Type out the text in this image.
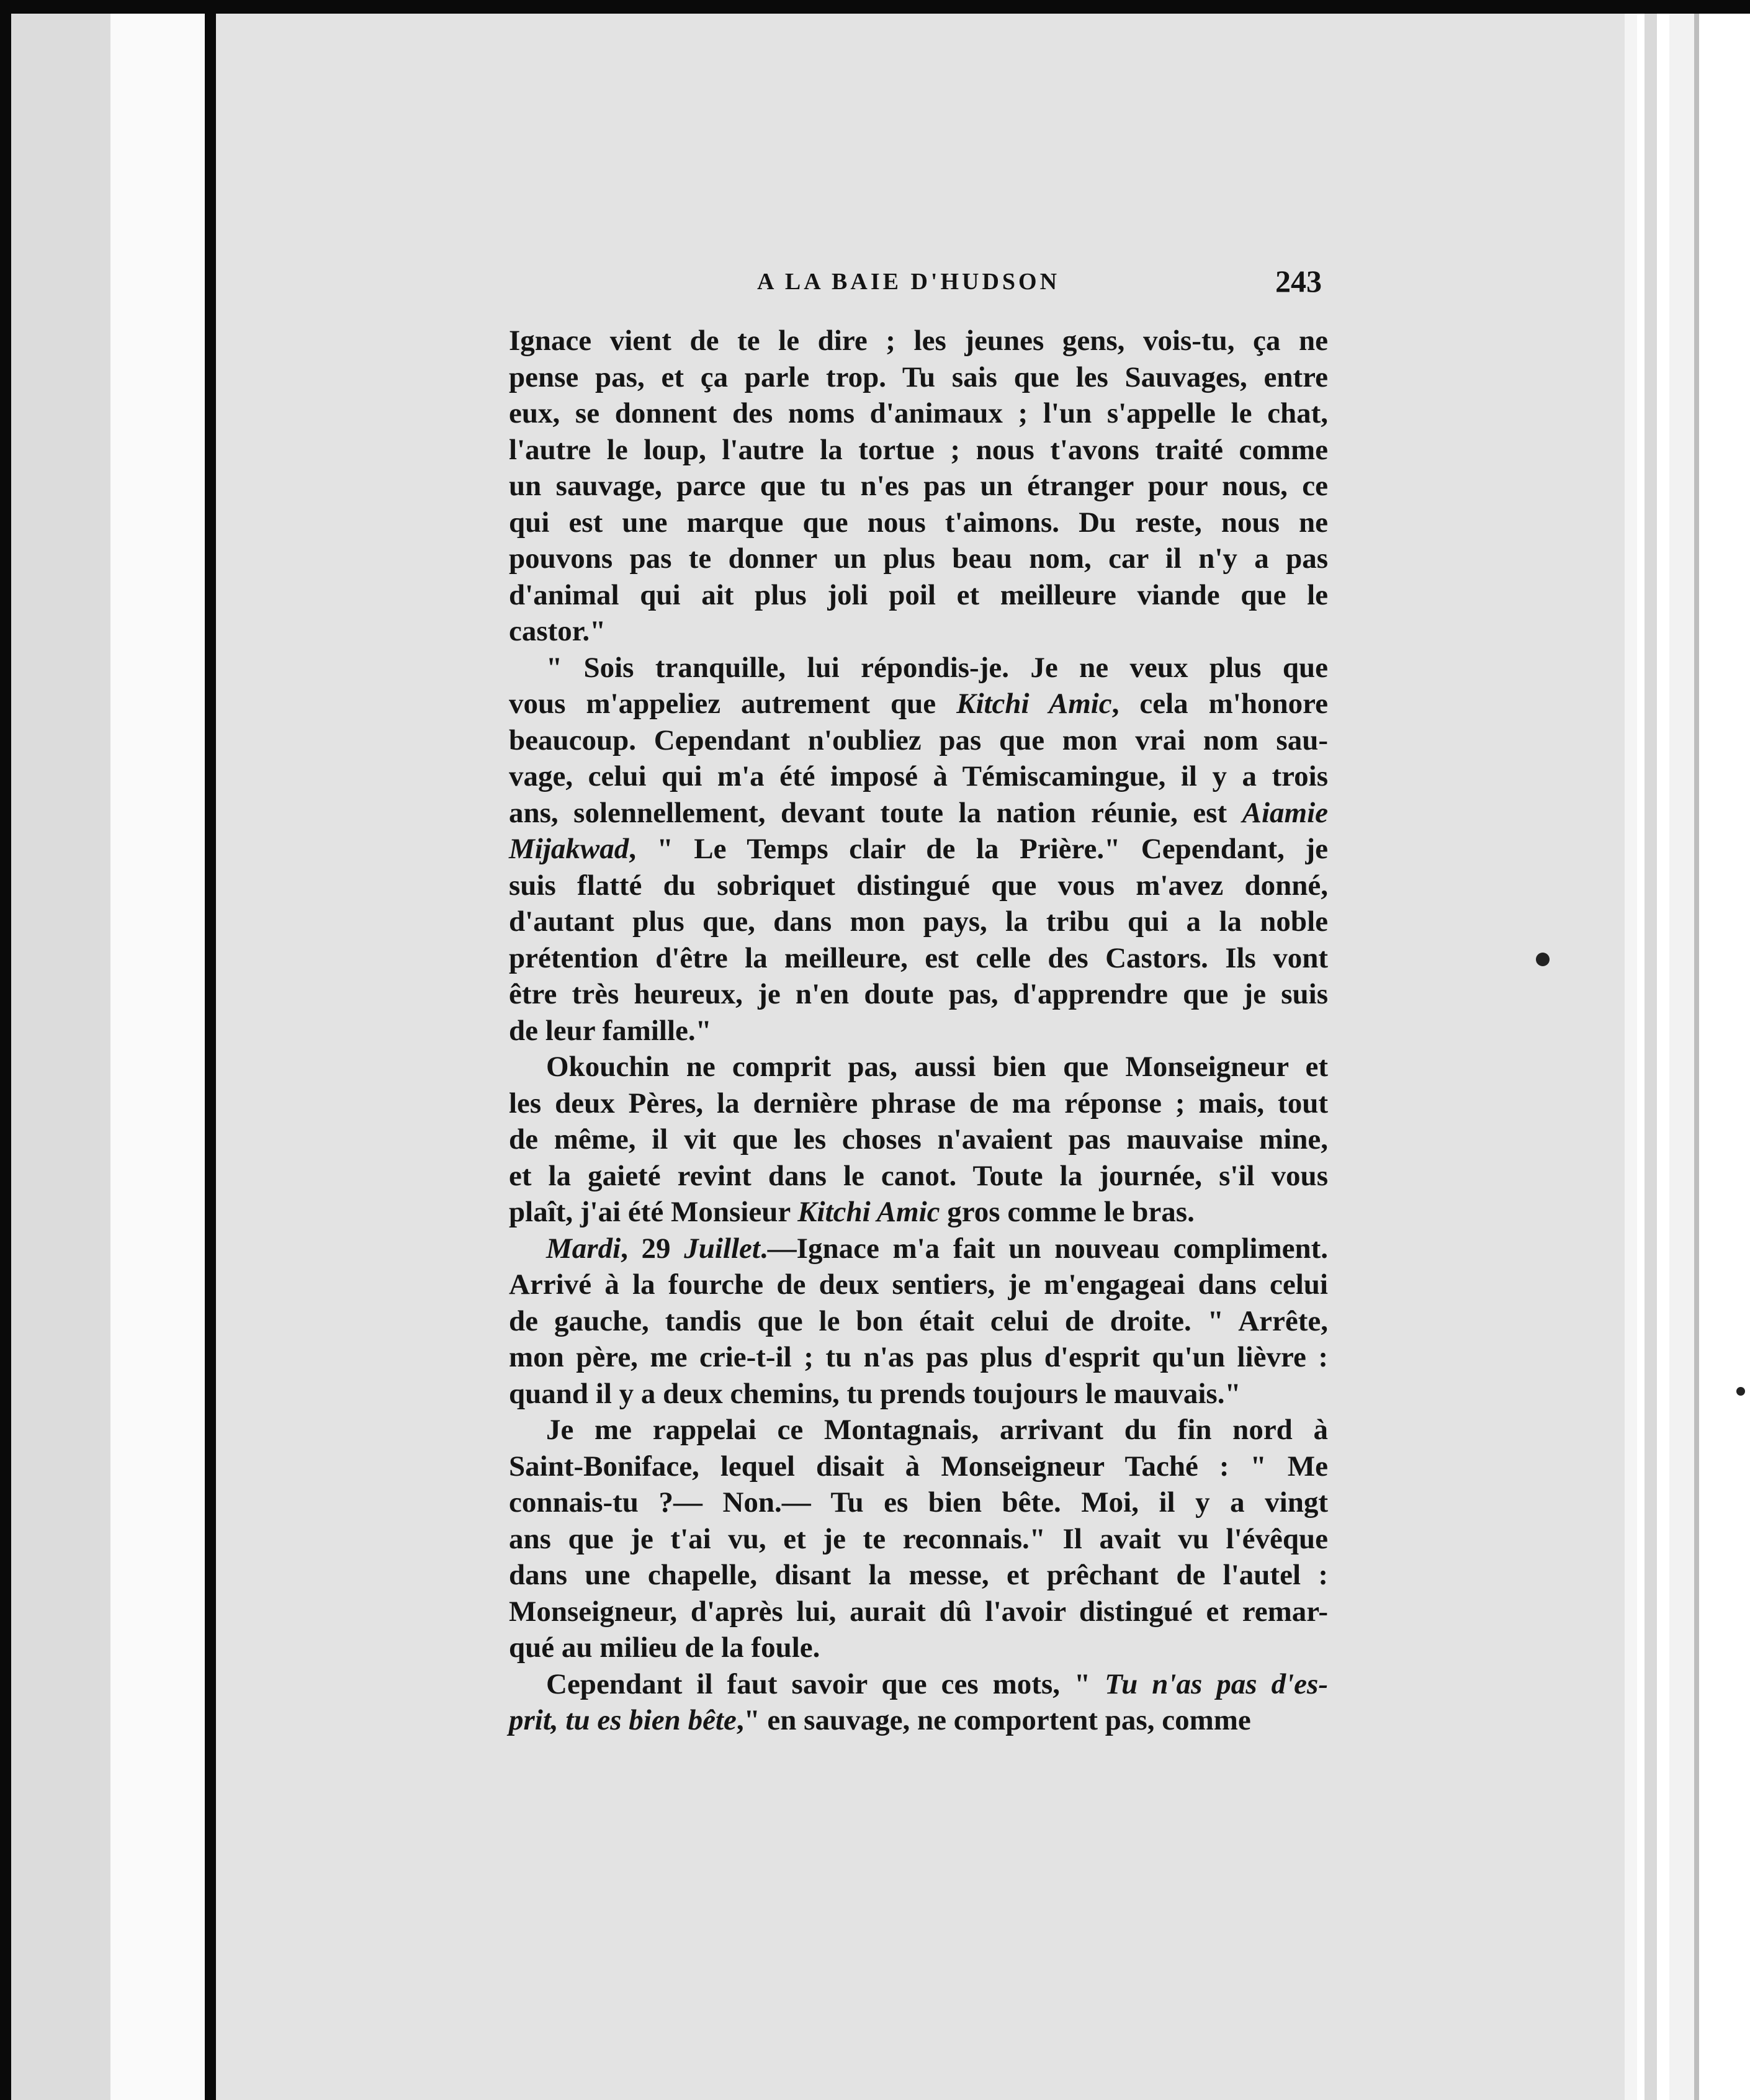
A LA BAIE D'HUDSON	243
Ignace vient de te le dire ; les jeunes gens, vois-tu, ça ne
pense pas, et ça parle trop. Tu sais que les Sauvages, entre
eux, se donnent des noms d'animaux ; l'un s'appelle le chat,
l'autre le loup, l'autre la tortue ; nous t'avons traité comme
un sauvage, parce que tu n'es pas un étranger pour nous, ce
qui est une marque que nous t'aimons. Du reste, nous ne
pouvons pas te donner un plus beau nom, car il n'y a pas
d'animal qui ait plus joli poil et meilleure viande que le
castor."
" Sois tranquille, lui répondis-je. Je ne veux plus que
vous m'appeliez autrement que Kitchi Amic, cela m'honore
beaucoup. Cependant n'oubliez pas que mon vrai nom sau-
vage, celui qui m'a été imposé à Témiscamingue, il y a trois
ans, solennellement, devant toute la nation réunie, est Aiamie
Mijakwad, " Le Temps clair de la Prière." Cependant, je
suis flatté du sobriquet distingué que vous m'avez donné,
d'autant plus que, dans mon pays, la tribu qui a la noble
prétention d'être la meilleure, est celle des Castors. Ils vont
être très heureux, je n'en doute pas, d'apprendre que je suis
de leur famille."
Okouchin ne comprit pas, aussi bien que Monseigneur et
les deux Pères, la dernière phrase de ma réponse ; mais, tout
de même, il vit que les choses n'avaient pas mauvaise mine,
et la gaieté revint dans le canot. Toute la journée, s'il vous
plaît, j'ai été Monsieur Kitchi Amic gros comme le bras.
Mardi, 29 Juillet.—Ignace m'a fait un nouveau compliment.
Arrivé à la fourche de deux sentiers, je m'engageai dans celui
de gauche, tandis que le bon était celui de droite. " Arrête,
mon père, me crie-t-il ; tu n'as pas plus d'esprit qu'un lièvre :
quand il y a deux chemins, tu prends toujours le mauvais."
Je me rappelai ce Montagnais, arrivant du fin nord à
Saint-Boniface, lequel disait à Monseigneur Taché : " Me
connais-tu ?— Non.— Tu es bien bête. Moi, il y a vingt
ans que je t'ai vu, et je te reconnais." Il avait vu l'évêque
dans une chapelle, disant la messe, et prêchant de l'autel :
Monseigneur, d'après lui, aurait dû l'avoir distingué et remar-
qué au milieu de la foule.
Cependant il faut savoir que ces mots, " Tu n'as pas d'es-
prit, tu es bien bête," en sauvage, ne comportent pas, comme
